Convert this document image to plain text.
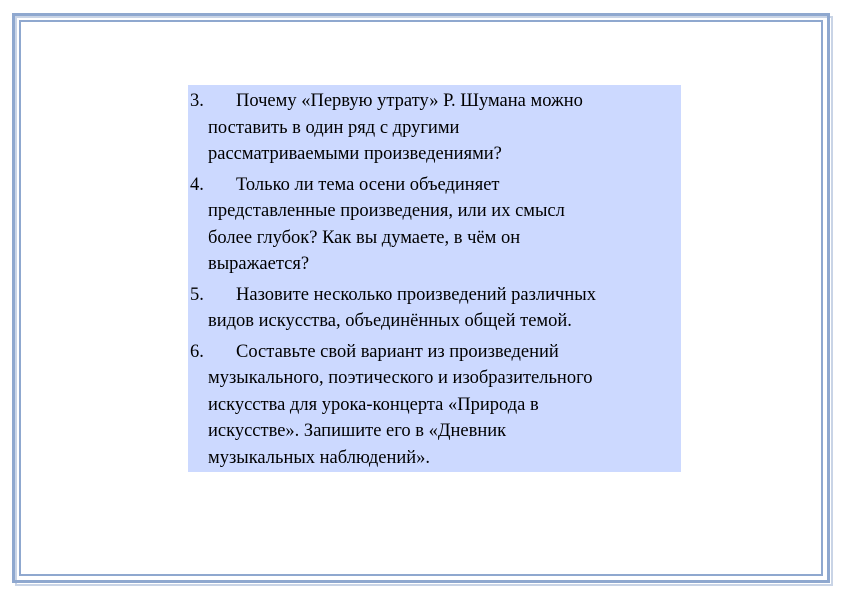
3.	Почему «Первую утрату» Р. Шумана можно
поставить в один ряд с другими
рассматриваемыми произведениями?
4.	Только ли тема осени объединяет
представленные произведения, или их смысл
более глубок? Как вы думаете, в чём он
выражается?
5.	Назовите несколько произведений различных
видов искусства, объединённых общей темой.
6.	Составьте свой вариант из произведений
музыкального, поэтического и изобразительного
искусства для урока-концерта «Природа в
искусстве». Запишите его в «Дневник
музыкальных наблюдений».
